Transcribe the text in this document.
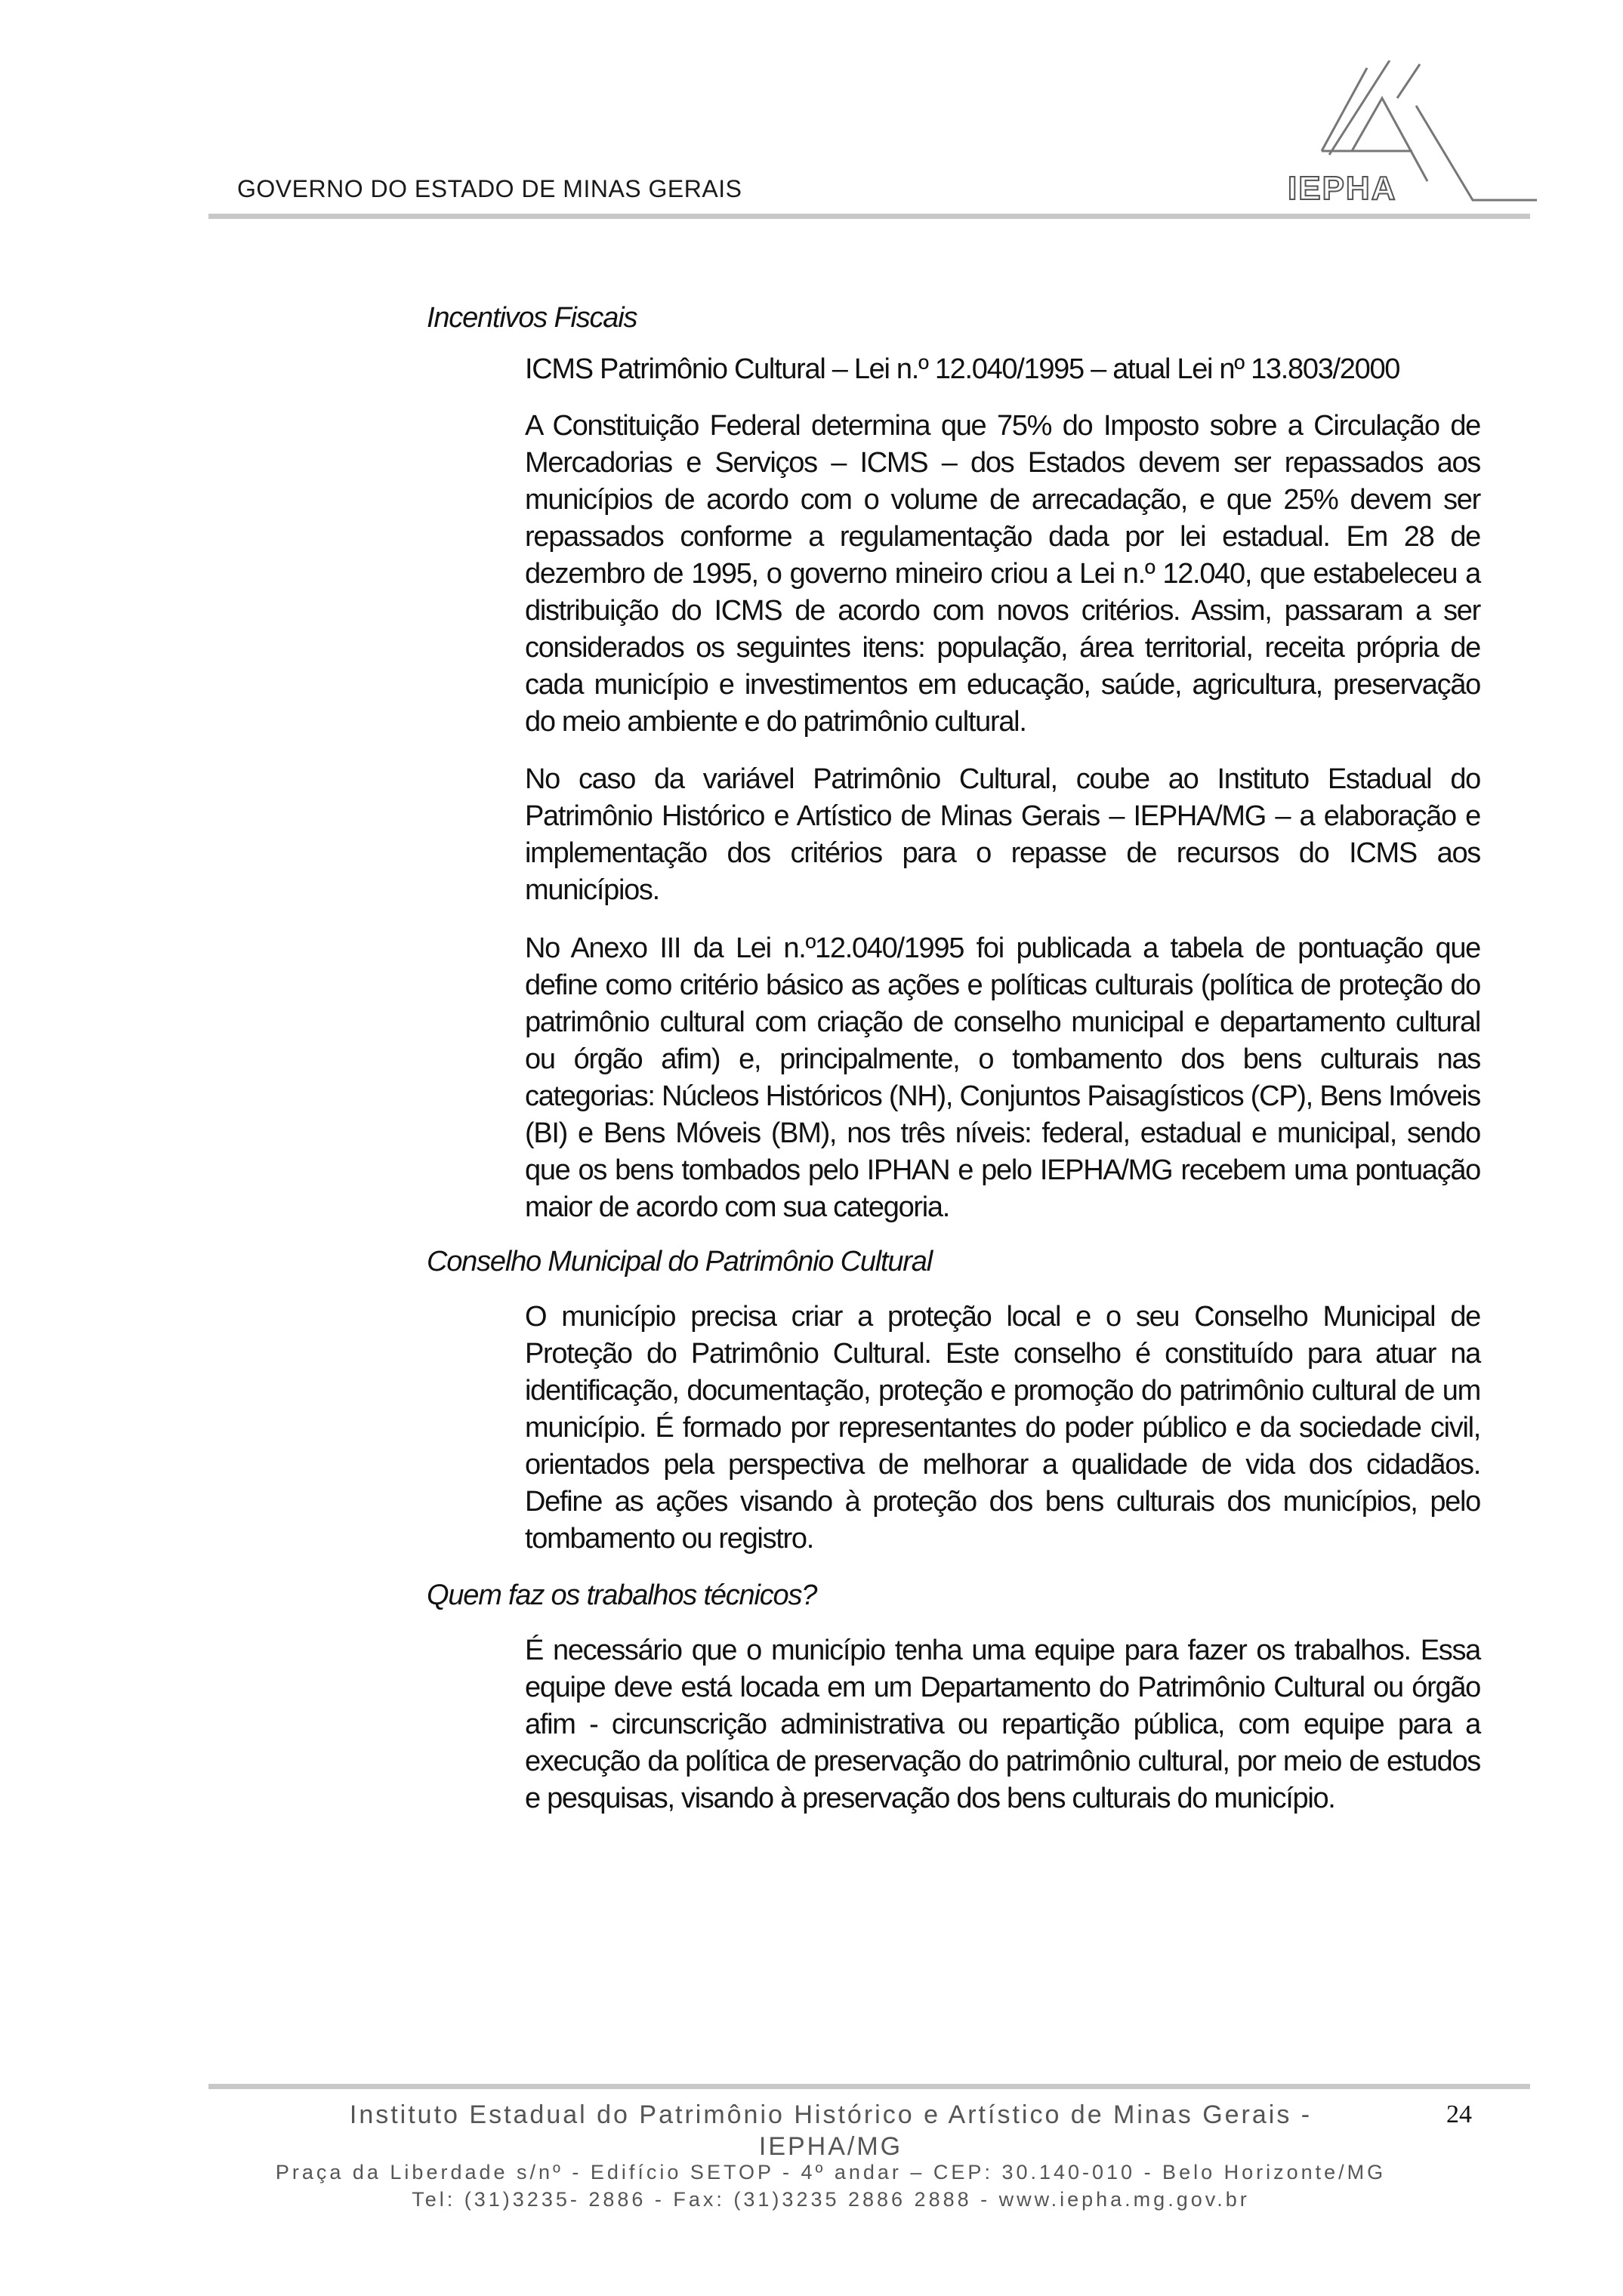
GOVERNO DO ESTADO DE MINAS GERAIS	IEPHA
Incentivos Fiscais
ICMS Patrimônio Cultural – Lei n.º 12.040/1995 – atual Lei nº 13.803/2000
A Constituição Federal determina que 75% do Imposto sobre a Circulação de Mercadorias e Serviços – ICMS – dos Estados devem ser repassados aos municípios de acordo com o volume de arrecadação, e que 25% devem ser repassados conforme a regulamentação dada por lei estadual. Em 28 de dezembro de 1995, o governo mineiro criou a Lei n.º 12.040, que estabeleceu a distribuição do ICMS de acordo com novos critérios. Assim, passaram a ser considerados os seguintes itens: população, área territorial, receita própria de cada município e investimentos em educação, saúde, agricultura, preservação do meio ambiente e do patrimônio cultural.
No caso da variável Patrimônio Cultural, coube ao Instituto Estadual do Patrimônio Histórico e Artístico de Minas Gerais – IEPHA/MG – a elaboração e implementação dos critérios para o repasse de recursos do ICMS aos municípios.
No Anexo III da Lei n.º12.040/1995 foi publicada a tabela de pontuação que define como critério básico as ações e políticas culturais (política de proteção do patrimônio cultural com criação de conselho municipal e departamento cultural ou órgão afim) e, principalmente, o tombamento dos bens culturais nas categorias: Núcleos Históricos (NH), Conjuntos Paisagísticos (CP), Bens Imóveis (BI) e Bens Móveis (BM), nos três níveis: federal, estadual e municipal, sendo que os bens tombados pelo IPHAN e pelo IEPHA/MG recebem uma pontuação maior de acordo com sua categoria.
Conselho Municipal do Patrimônio Cultural
O município precisa criar a proteção local e o seu Conselho Municipal de Proteção do Patrimônio Cultural. Este conselho é constituído para atuar na identificação, documentação, proteção e promoção do patrimônio cultural de um município. É formado por representantes do poder público e da sociedade civil, orientados pela perspectiva de melhorar a qualidade de vida dos cidadãos. Define as ações visando à proteção dos bens culturais dos municípios, pelo tombamento ou registro.
Quem faz os trabalhos técnicos?
É necessário que o município tenha uma equipe para fazer os trabalhos. Essa equipe deve está locada em um Departamento do Patrimônio Cultural ou órgão afim - circunscrição administrativa ou repartição pública, com equipe para a execução da política de preservação do patrimônio cultural, por meio de estudos e pesquisas, visando à preservação dos bens culturais do município.
Instituto Estadual do Patrimônio Histórico e Artístico de Minas Gerais -
IEPHA/MG
Praça da Liberdade s/nº - Edifício SETOP - 4º andar – CEP: 30.140-010 - Belo Horizonte/MG
Tel: (31)3235- 2886 - Fax: (31)3235 2886 2888 - www.iepha.mg.gov.br
24
